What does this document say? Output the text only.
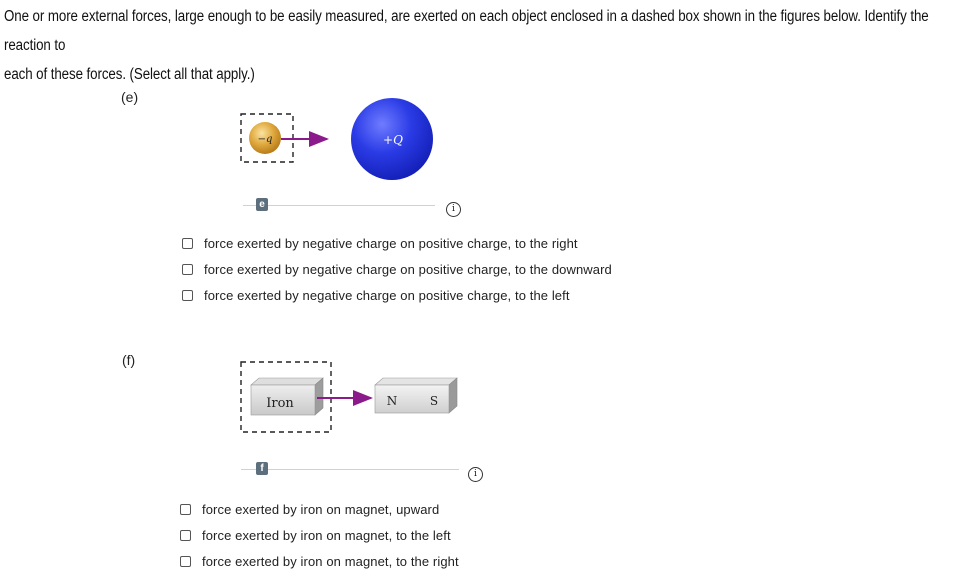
One or more external forces, large enough to be easily measured, are exerted on each object enclosed in a dashed box shown in the figures below. Identify the reaction to
each of these forces. (Select all that apply.)
(e)
−q	+Q
e	i
force exerted by negative charge on positive charge, to the right
force exerted by negative charge on positive charge, to the downward
force exerted by negative charge on positive charge, to the left
(f)
Iron	N	S
f	i
force exerted by iron on magnet, upward
force exerted by iron on magnet, to the left
force exerted by iron on magnet, to the right
